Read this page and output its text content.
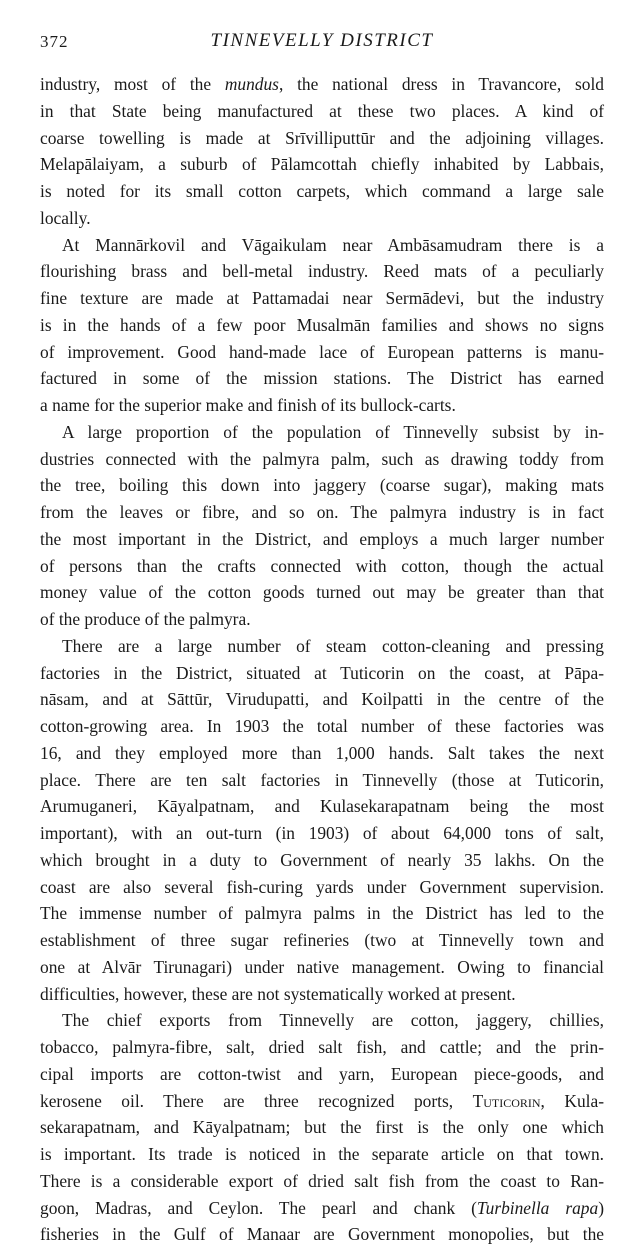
372	TINNEVELLY DISTRICT
industry, most of the mundus, the national dress in Travancore, sold
in that State being manufactured at these two places. A kind of
coarse towelling is made at Srīvilliputtūr and the adjoining villages.
Melapālaiyam, a suburb of Pālamcottah chiefly inhabited by Labbais,
is noted for its small cotton carpets, which command a large sale
locally.
At Mannārkovil and Vāgaikulam near Ambāsamudram there is a
flourishing brass and bell-metal industry. Reed mats of a peculiarly
fine texture are made at Pattamadai near Sermādevi, but the industry
is in the hands of a few poor Musalmān families and shows no signs
of improvement. Good hand-made lace of European patterns is manu-
factured in some of the mission stations. The District has earned
a name for the superior make and finish of its bullock-carts.
A large proportion of the population of Tinnevelly subsist by in-
dustries connected with the palmyra palm, such as drawing toddy from
the tree, boiling this down into jaggery (coarse sugar), making mats
from the leaves or fibre, and so on. The palmyra industry is in fact
the most important in the District, and employs a much larger number
of persons than the crafts connected with cotton, though the actual
money value of the cotton goods turned out may be greater than that
of the produce of the palmyra.
There are a large number of steam cotton-cleaning and pressing
factories in the District, situated at Tuticorin on the coast, at Pāpa-
nāsam, and at Sāttūr, Virudupatti, and Koilpatti in the centre of the
cotton-growing area. In 1903 the total number of these factories was
16, and they employed more than 1,000 hands. Salt takes the next
place. There are ten salt factories in Tinnevelly (those at Tuticorin,
Arumuganeri, Kāyalpatnam, and Kulasekarapatnam being the most
important), with an out-turn (in 1903) of about 64,000 tons of salt,
which brought in a duty to Government of nearly 35 lakhs. On the
coast are also several fish-curing yards under Government supervision.
The immense number of palmyra palms in the District has led to the
establishment of three sugar refineries (two at Tinnevelly town and
one at Alvār Tirunagari) under native management. Owing to financial
difficulties, however, these are not systematically worked at present.
The chief exports from Tinnevelly are cotton, jaggery, chillies,
tobacco, palmyra-fibre, salt, dried salt fish, and cattle; and the prin-
cipal imports are cotton-twist and yarn, European piece-goods, and
kerosene oil. There are three recognized ports, Tuticorin, Kula-
sekarapatnam, and Kāyalpatnam; but the first is the only one which
is important. Its trade is noticed in the separate article on that town.
There is a considerable export of dried salt fish from the coast to Ran-
goon, Madras, and Ceylon. The pearl and chank (Turbinella rapa)
fisheries in the Gulf of Manaar are Government monopolies, but the
